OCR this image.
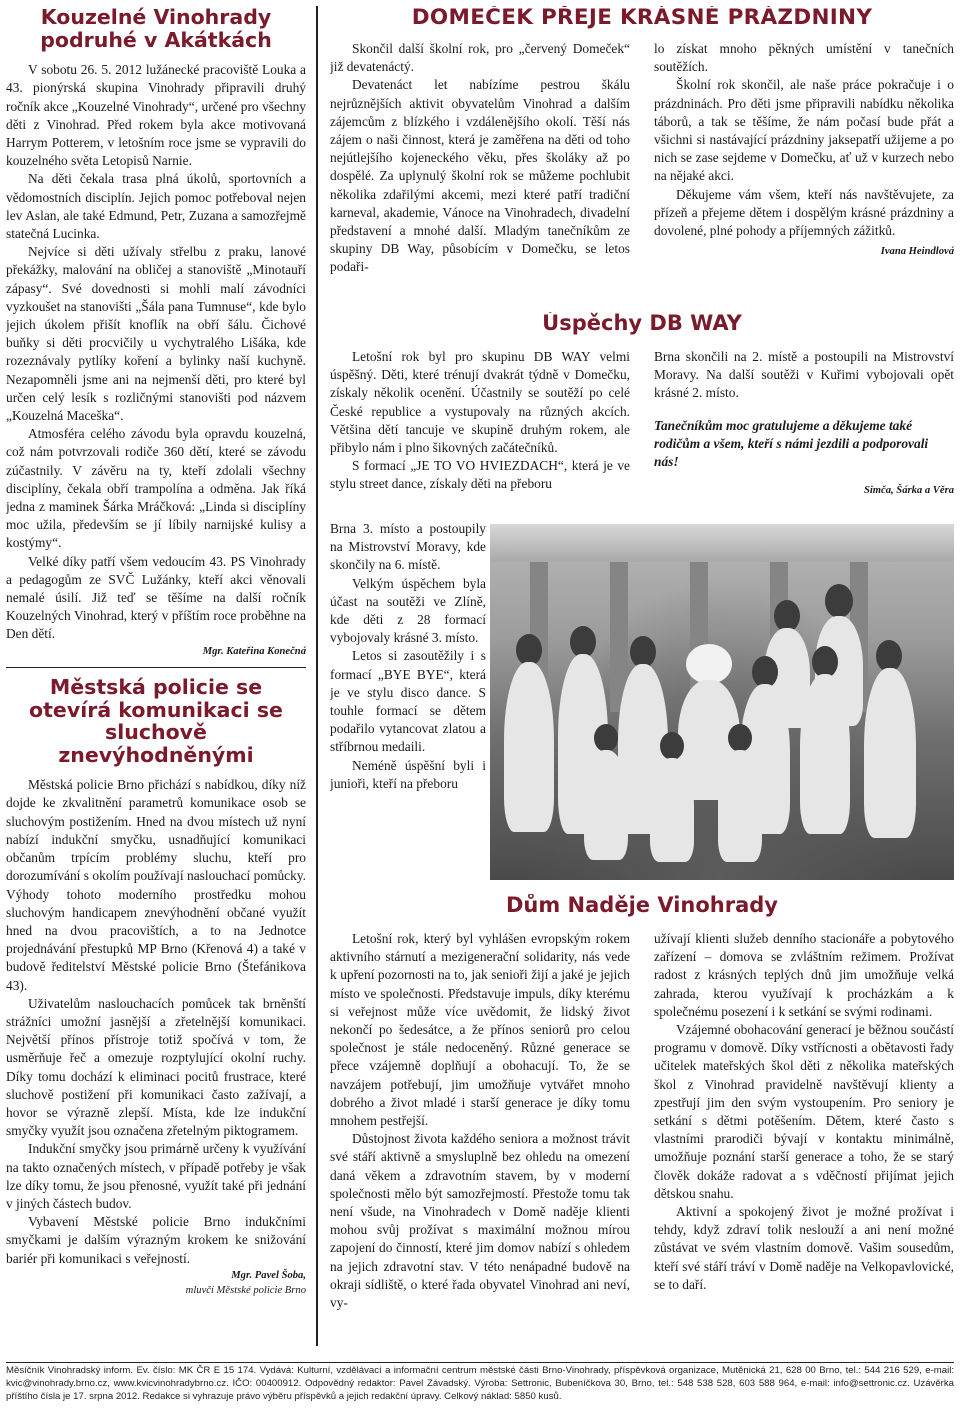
Kouzelné Vinohrady podruhé v Akátkách

V sobotu 26. 5. 2012 lužánecké pracoviště Louka a 43. pionýrská skupina Vinohrady připravili druhý ročník akce „Kouzelné Vinohrady“, určené pro všechny děti z Vinohrad. Před rokem byla akce motivovaná Harrym Potterem, v letošním roce jsme se vypravili do kouzelného světa Letopisů Narnie.

Na děti čekala trasa plná úkolů, sportovních a vědomostních disciplín. Jejich pomoc potřeboval nejen lev Aslan, ale také Edmund, Petr, Zuzana a samozřejmě statečná Lucinka.

Nejvíce si děti užívaly střelbu z praku, lanové překážky, malování na obličej a stanoviště „Minotauří zápasy“. Své dovednosti si mohli malí závodníci vyzkoušet na stanovišti „Šála pana Tumnuse“, kde bylo jejich úkolem přišít knoflík na obří šálu. Čichové buňky si děti procvičily u vychytralého Lišáka, kde rozeznávaly pytlíky koření a bylinky naší kuchyně. Nezapomněli jsme ani na nejmenší děti, pro které byl určen celý lesík s rozličnými stanovišti pod názvem „Kouzelná Maceška“.

Atmosféra celého závodu byla opravdu kouzelná, což nám potvrzovali rodiče 360 dětí, které se závodu zúčastnily. V závěru na ty, kteří zdolali všechny disciplíny, čekala obří trampolína a odměna. Jak říká jedna z maminek Šárka Mráčková: „Linda si disciplíny moc užila, především se jí líbily narnijské kulisy a kostýmy“.

Velké díky patří všem vedoucím 43. PS Vinohrady a pedagogům ze SVČ Lužánky, kteří akci věnovali nemalé úsilí. Již teď se těšíme na další ročník Kouzelných Vinohrad, který v příštím roce proběhne na Den dětí.

Mgr. Kateřina Konečná
Městská policie se otevírá komunikaci se sluchově znevýhodněnými

Městská policie Brno přichází s nabídkou, díky níž dojde ke zkvalitnění parametrů komunikace osob se sluchovým postižením. Hned na dvou místech už nyní nabízí indukční smyčku, usnadňující komunikaci občanům trpícím problémy sluchu, kteří pro dorozumívání s okolím používají naslouchací pomůcky. Výhody tohoto moderního prostředku mohou sluchovým handicapem znevýhodnění občané využít hned na dvou pracovištích, a to na Jednotce projednávání přestupků MP Brno (Křenová 4) a také v budově ředitelství Městské policie Brno (Štefánikova 43).

Uživatelům naslouchacích pomůcek tak brněnští strážníci umožní jasnější a zřetelnější komunikaci. Největší přínos přístroje totiž spočívá v tom, že usměrňuje řeč a omezuje rozptylující okolní ruchy. Díky tomu dochází k eliminaci pocitů frustrace, které sluchově postižení při komunikaci často zažívají, a hovor se výrazně zlepší. Místa, kde lze indukční smyčky využít jsou označena zřetelným piktogramem.

Indukční smyčky jsou primárně určeny k využívání na takto označených místech, v případě potřeby je však lze díky tomu, že jsou přenosné, využít také při jednání v jiných částech budov.

Vybavení Městské policie Brno indukčními smyčkami je dalším výrazným krokem ke snižování bariér při komunikaci s veřejností.

Mgr. Pavel Šoba,
mluvčí Městské policie Brno
DOMEČEK PŘEJE KRÁSNÉ PRÁZDNINY

Skončil další školní rok, pro „červený Domeček“ již devatenáctý.

Devatenáct let nabízíme pestrou škálu nejrůznějších aktivit obyvatelům Vinohrad a dalším zájemcům z blízkého i vzdálenějšího okolí. Těší nás zájem o naši činnost, která je zaměřena na děti od toho nejútlejšího kojeneckého věku, přes školáky až po dospělé. Za uplynulý školní rok se můžeme pochlubit několika zdařilými akcemi, mezi které patří tradiční karneval, akademie, Vánoce na Vinohradech, divadelní představení a mnohé další. Mladým tanečníkům ze skupiny DB Way, působícím v Domečku, se letos podaři-

lo získat mnoho pěkných umístění v tanečních soutěžích.

Školní rok skončil, ale naše práce pokračuje i o prázdninách. Pro děti jsme připravili nabídku několika táborů, a tak se těšíme, že nám počasí bude přát a všichni si nastávající prázdniny jaksepatří užijeme a po nich se zase sejdeme v Domečku, ať už v kurzech nebo na nějaké akci.

Děkujeme vám všem, kteří nás navštěvujete, za přízeň a přejeme dětem i dospělým krásné prázdniny a dovolené, plné pohody a příjemných zážitků.

Ivana Heindlová
Úspěchy DB WAY

Letošní rok byl pro skupinu DB WAY velmi úspěšný. Děti, které trénují dvakrát týdně v Domečku, získaly několik ocenění. Účastnily se soutěží po celé České republice a vystupovaly na různých akcích. Většina dětí tancuje ve skupině druhým rokem, ale přibylo nám i plno šikovných začátečníků.

S formací „JE TO VO HVIEZDACH“, která je ve stylu street dance, získaly děti na přeboru

Brna 3. místo a postoupily na Mistrovství Moravy, kde skončily na 6. místě.

Velkým úspěchem byla účast na soutěži ve Zlíně, kde děti z 28 formací vybojovaly krásné 3. místo.

Letos si zasoutěžily i s formací „BYE BYE“, která je ve stylu disco dance. S touhle formací se dětem podařilo vytancovat zlatou a stříbrnou medaili.

Neméně úspěšní byli i junioři, kteří na přeboru

Brna skončili na 2. místě a postoupili na Mistrovství Moravy. Na další soutěži v Kuřimi vybojovali opět krásné 2. místo.

Tanečníkům moc gratulujeme a děkujeme také rodičům a všem, kteří s námi jezdili a podporovali nás!

Simča, Šárka a Věra
Dům Naděje Vinohrady

Letošní rok, který byl vyhlášen evropským rokem aktivního stárnutí a mezigenerační solidarity, nás vede k upření pozornosti na to, jak senioři žijí a jaké je jejich místo ve společnosti. Představuje impuls, díky kterému si veřejnost může více uvědomit, že lidský život nekončí po šedesátce, a že přínos seniorů pro celou společnost je stále nedoceněný. Různé generace se přece vzájemně doplňují a obohacují. To, že se navzájem potřebují, jim umožňuje vytvářet mnoho dobrého a život mladé i starší generace je díky tomu mnohem pestřejší.

Důstojnost života každého seniora a možnost trávit své stáří aktivně a smysluplně bez ohledu na omezení daná věkem a zdravotním stavem, by v moderní společnosti mělo být samozřejmostí. Přestože tomu tak není všude, na Vinohradech v Domě naděje klienti mohou svůj prožívat s maximální možnou mírou zapojení do činností, které jim domov nabízí s ohledem na jejich zdravotní stav. V této nenápadné budově na okraji sídliště, o které řada obyvatel Vinohrad ani neví, vy-

užívají klienti služeb denního stacionáře a pobytového zařízení – domova se zvláštním režimem. Prožívat radost z krásných teplých dnů jim umožňuje velká zahrada, kterou využívají k procházkám a k společnému posezení i k setkání se svými rodinami.

Vzájemné obohacování generací je běžnou součástí programu v domově. Díky vstřícnosti a obětavosti řady učitelek mateřských škol děti z několika mateřských škol z Vinohrad pravidelně navštěvují klienty a zpestřují jim den svým vystoupením. Pro seniory je setkání s dětmi potěšením. Dětem, které často s vlastními prarodiči bývají v kontaktu minimálně, umožňuje poznání starší generace a toho, že se starý člověk dokáže radovat a s vděčností přijímat jejich dětskou snahu.

Aktivní a spokojený život je možné prožívat i tehdy, když zdraví tolik neslouží a ani není možné zůstávat ve svém vlastním domově. Vašim sousedům, kteří své stáří tráví v Domě naděje na Velkopavlovické, se to daří.

Měsíčník Vinohradský inform. Ev. číslo: MK ČR E 15 174. Vydává: Kulturní, vzdělávací a informační centrum městské části Brno-Vinohrady, příspěvková organizace, Mutěnická 21, 628 00 Brno, tel.: 544 216 529, e-mail: kvic@vinohrady.brno.cz, www.kvicvinohradybrno.cz. IČO: 00400912. Odpovědný redaktor: Pavel Závadský. Výroba: Settronic, Bubeníčkova 30, Brno, tel.: 548 538 528, 603 588 964, e-mail: info@settronic.cz. Uzávěrka příštího čísla je 17. srpna 2012. Redakce si vyhrazuje právo výběru příspěvků a jejich redakční úpravy. Celkový náklad: 5850 kusů.
